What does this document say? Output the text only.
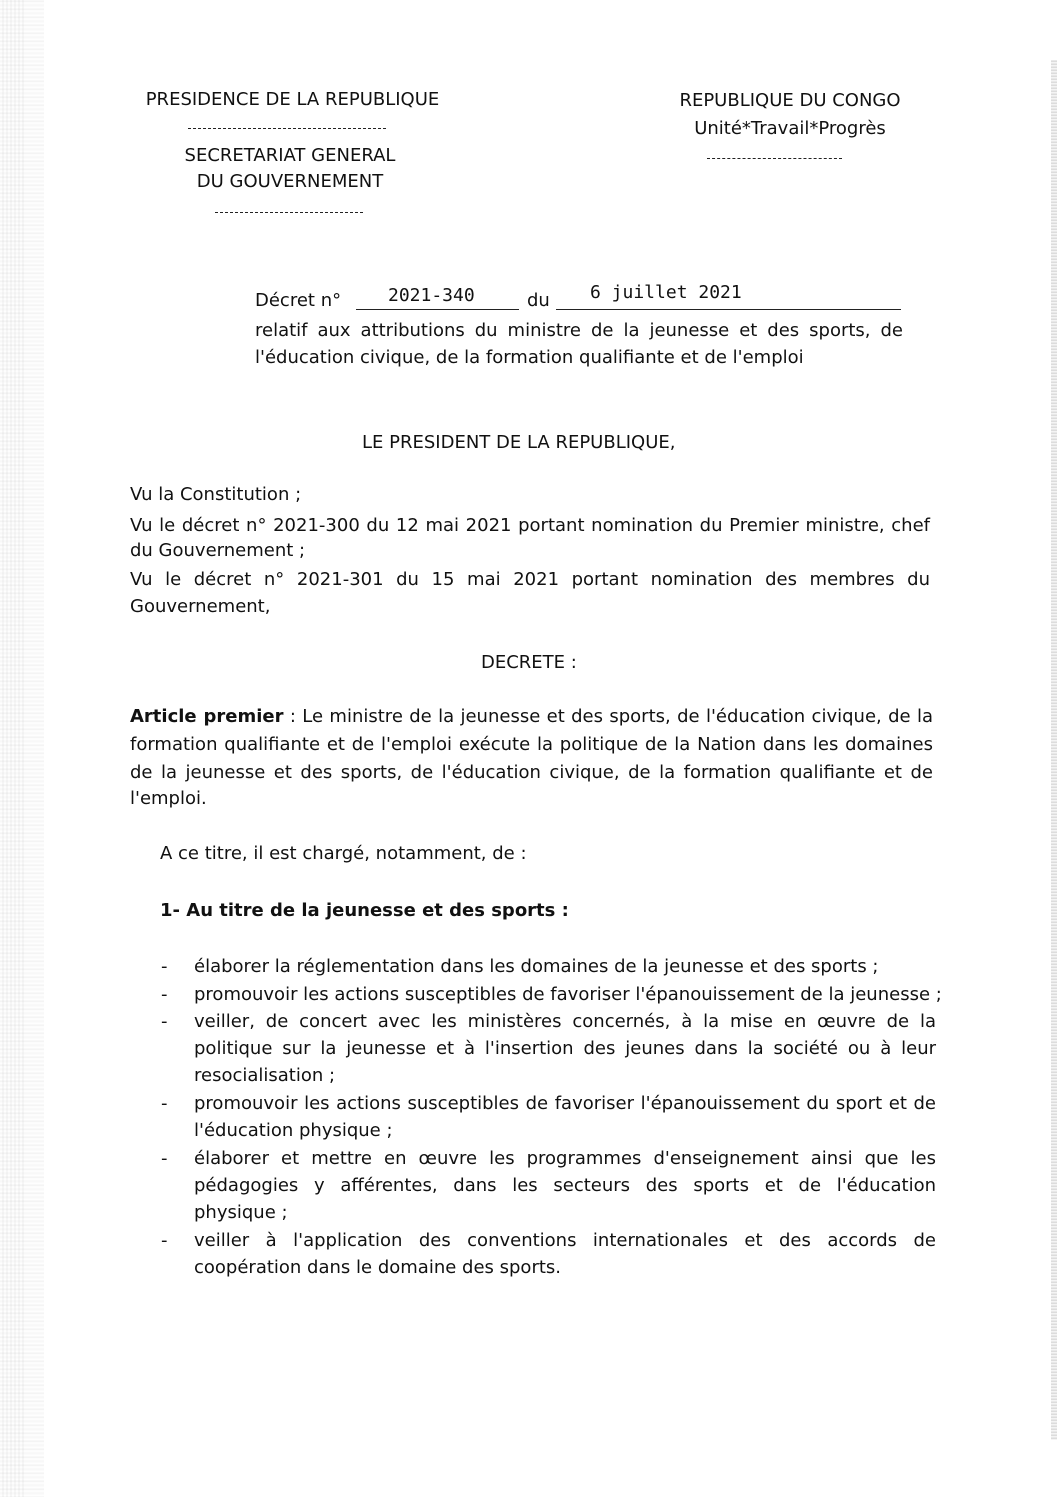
PRESIDENCE DE LA REPUBLIQUE
SECRETARIAT GENERAL
DU GOUVERNEMENT
REPUBLIQUE DU CONGO
Unité*Travail*Progrès
Décret n°	2021-340	du 6 juillet 2021
relatif aux attributions du ministre de la jeunesse et des sports, de
l'éducation civique, de la formation qualifiante et de l'emploi
LE PRESIDENT DE LA REPUBLIQUE,
Vu la Constitution ;
Vu le décret n° 2021-300 du 12 mai 2021 portant nomination du Premier ministre, chef
du Gouvernement ;
Vu le décret n° 2021-301 du 15 mai 2021 portant nomination des membres du
Gouvernement,
DECRETE :
Article premier : Le ministre de la jeunesse et des sports, de l'éducation civique, de la
formation qualifiante et de l'emploi exécute la politique de la Nation dans les domaines
de la jeunesse et des sports, de l'éducation civique, de la formation qualifiante et de
l'emploi.
A ce titre, il est chargé, notamment, de :
1- Au titre de la jeunesse et des sports :
- élaborer la réglementation dans les domaines de la jeunesse et des sports ;
- promouvoir les actions susceptibles de favoriser l'épanouissement de la jeunesse ;
- veiller, de concert avec les ministères concernés, à la mise en œuvre de la
politique sur la jeunesse et à l'insertion des jeunes dans la société ou à leur
resocialisation ;
- promouvoir les actions susceptibles de favoriser l'épanouissement du sport et de
l'éducation physique ;
- élaborer et mettre en œuvre les programmes d'enseignement ainsi que les
pédagogies y afférentes, dans les secteurs des sports et de l'éducation
physique ;
- veiller à l'application des conventions internationales et des accords de
coopération dans le domaine des sports.
